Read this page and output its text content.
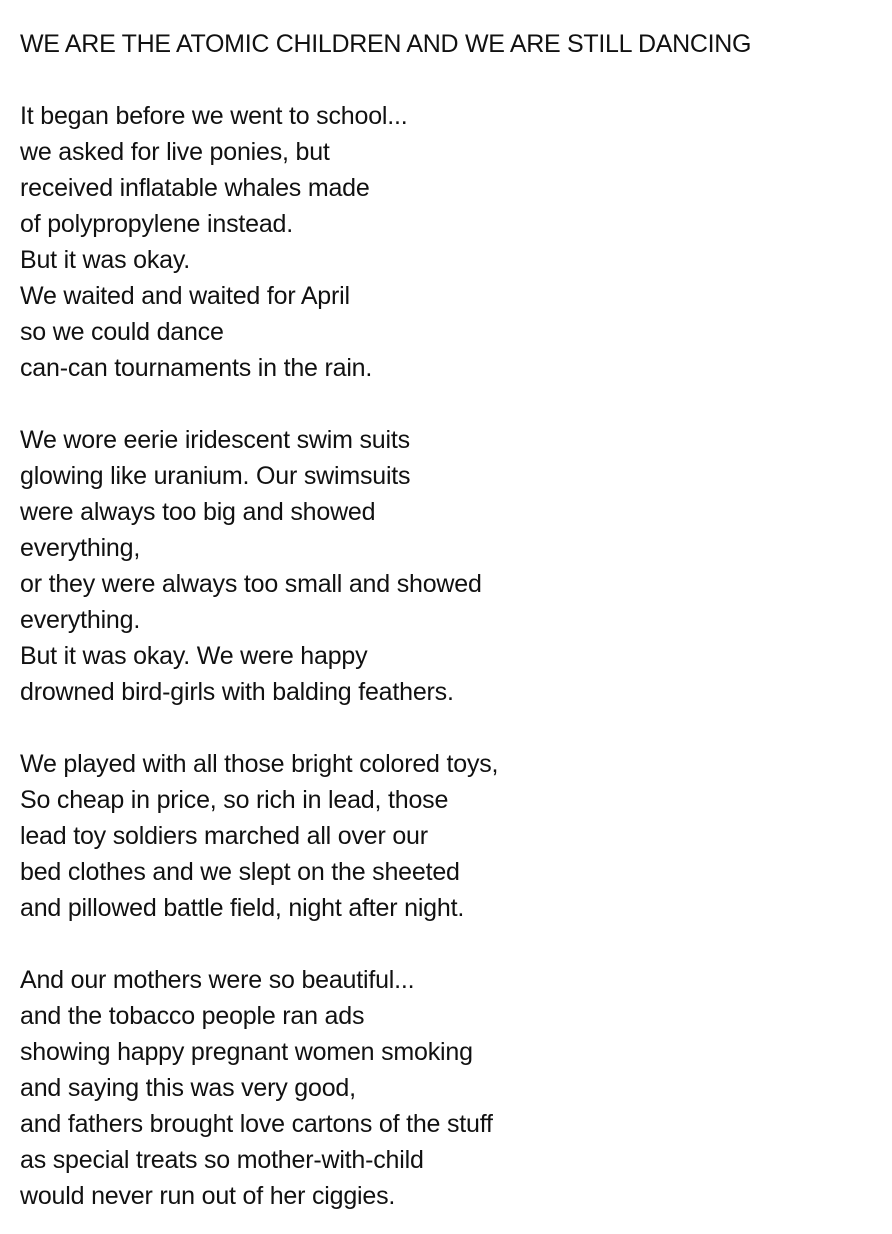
WE ARE THE ATOMIC CHILDREN AND WE ARE STILL DANCING
It began before we went to school...
we asked for live ponies, but
received inflatable whales made
of polypropylene instead.
But it was okay.
We waited and waited for April
so we could dance
can-can tournaments in the rain.
We wore eerie iridescent swim suits
glowing like uranium. Our swimsuits
were always too big and showed
everything,
or they were always too small and showed
everything.
But it was okay. We were happy
drowned bird-girls with balding feathers.
We played with all those bright colored toys,
So cheap in price, so rich in lead, those
lead toy soldiers marched all over our
bed clothes and we slept on the sheeted
and pillowed battle field, night after night.
And our mothers were so beautiful...
and the tobacco people ran ads
showing happy pregnant women smoking
and saying this was very good,
and fathers brought love cartons of the stuff
as special treats so mother-with-child
would never run out of her ciggies.
